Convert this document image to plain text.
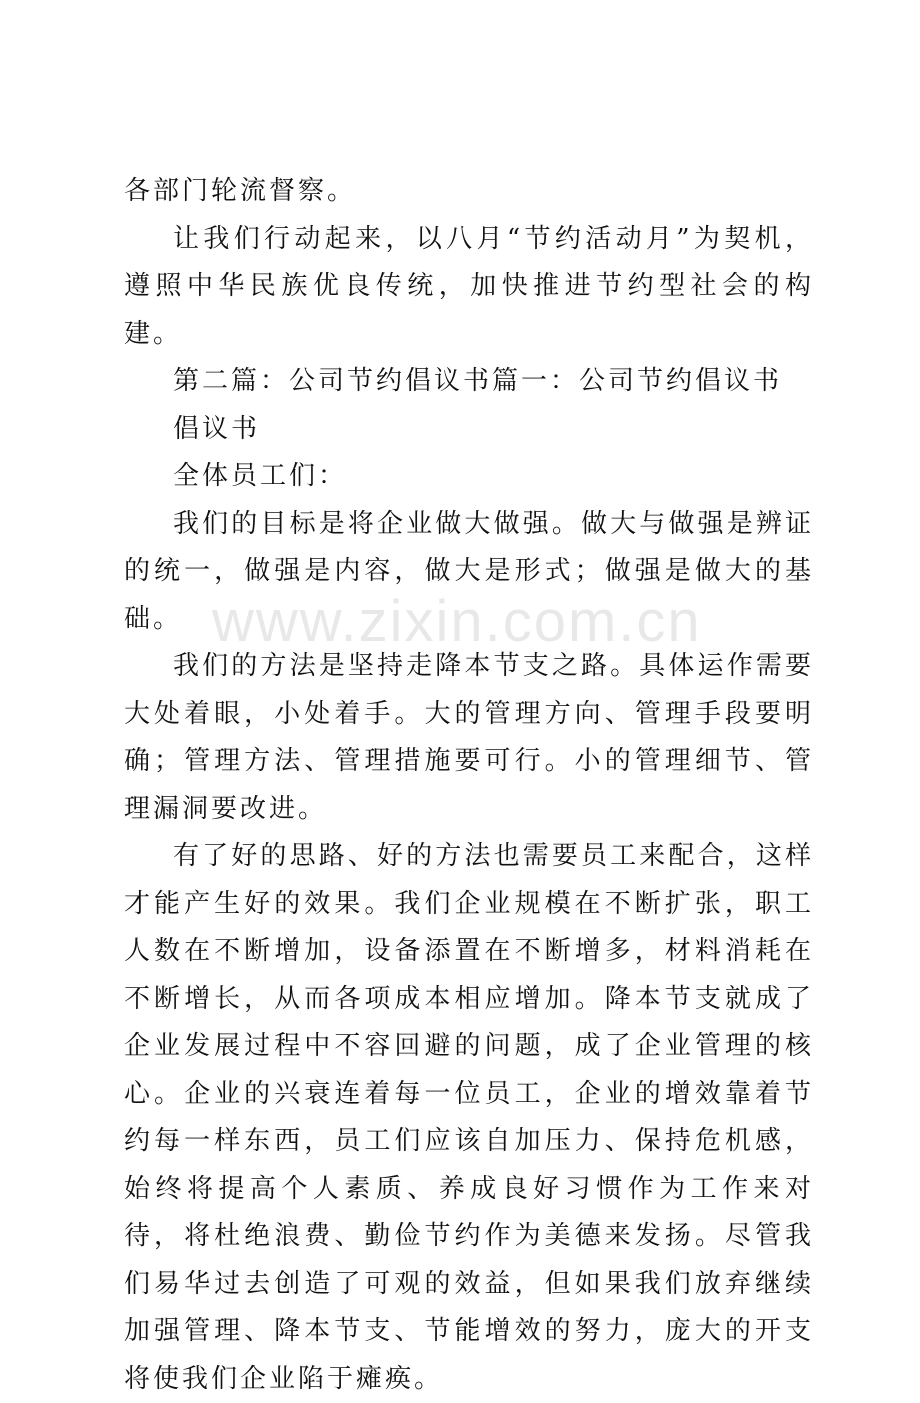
各部门轮流督察。

让我们行动起来，以八月“节约活动月”为契机，遵照中华民族优良传统，加快推进节约型社会的构建。

第二篇：公司节约倡议书篇一：公司节约倡议书

倡议书

全体员工们：

我们的目标是将企业做大做强。做大与做强是辨证的统一，做强是内容，做大是形式；做强是做大的基础。

我们的方法是坚持走降本节支之路。具体运作需要大处着眼，小处着手。大的管理方向、管理手段要明确；管理方法、管理措施要可行。小的管理细节、管理漏洞要改进。

有了好的思路、好的方法也需要员工来配合，这样才能产生好的效果。我们企业规模在不断扩张，职工人数在不断增加，设备添置在不断增多，材料消耗在不断增长，从而各项成本相应增加。降本节支就成了企业发展过程中不容回避的问题，成了企业管理的核心。企业的兴衰连着每一位员工，企业的增效靠着节约每一样东西，员工们应该自加压力、保持危机感，始终将提高个人素质、养成良好习惯作为工作来对待，将杜绝浪费、勤俭节约作为美德来发扬。尽管我们易华过去创造了可观的效益，但如果我们放弃继续加强管理、降本节支、节能增效的努力，庞大的开支将使我们企业陷于瘫痪。

www.zixin.com.cn
